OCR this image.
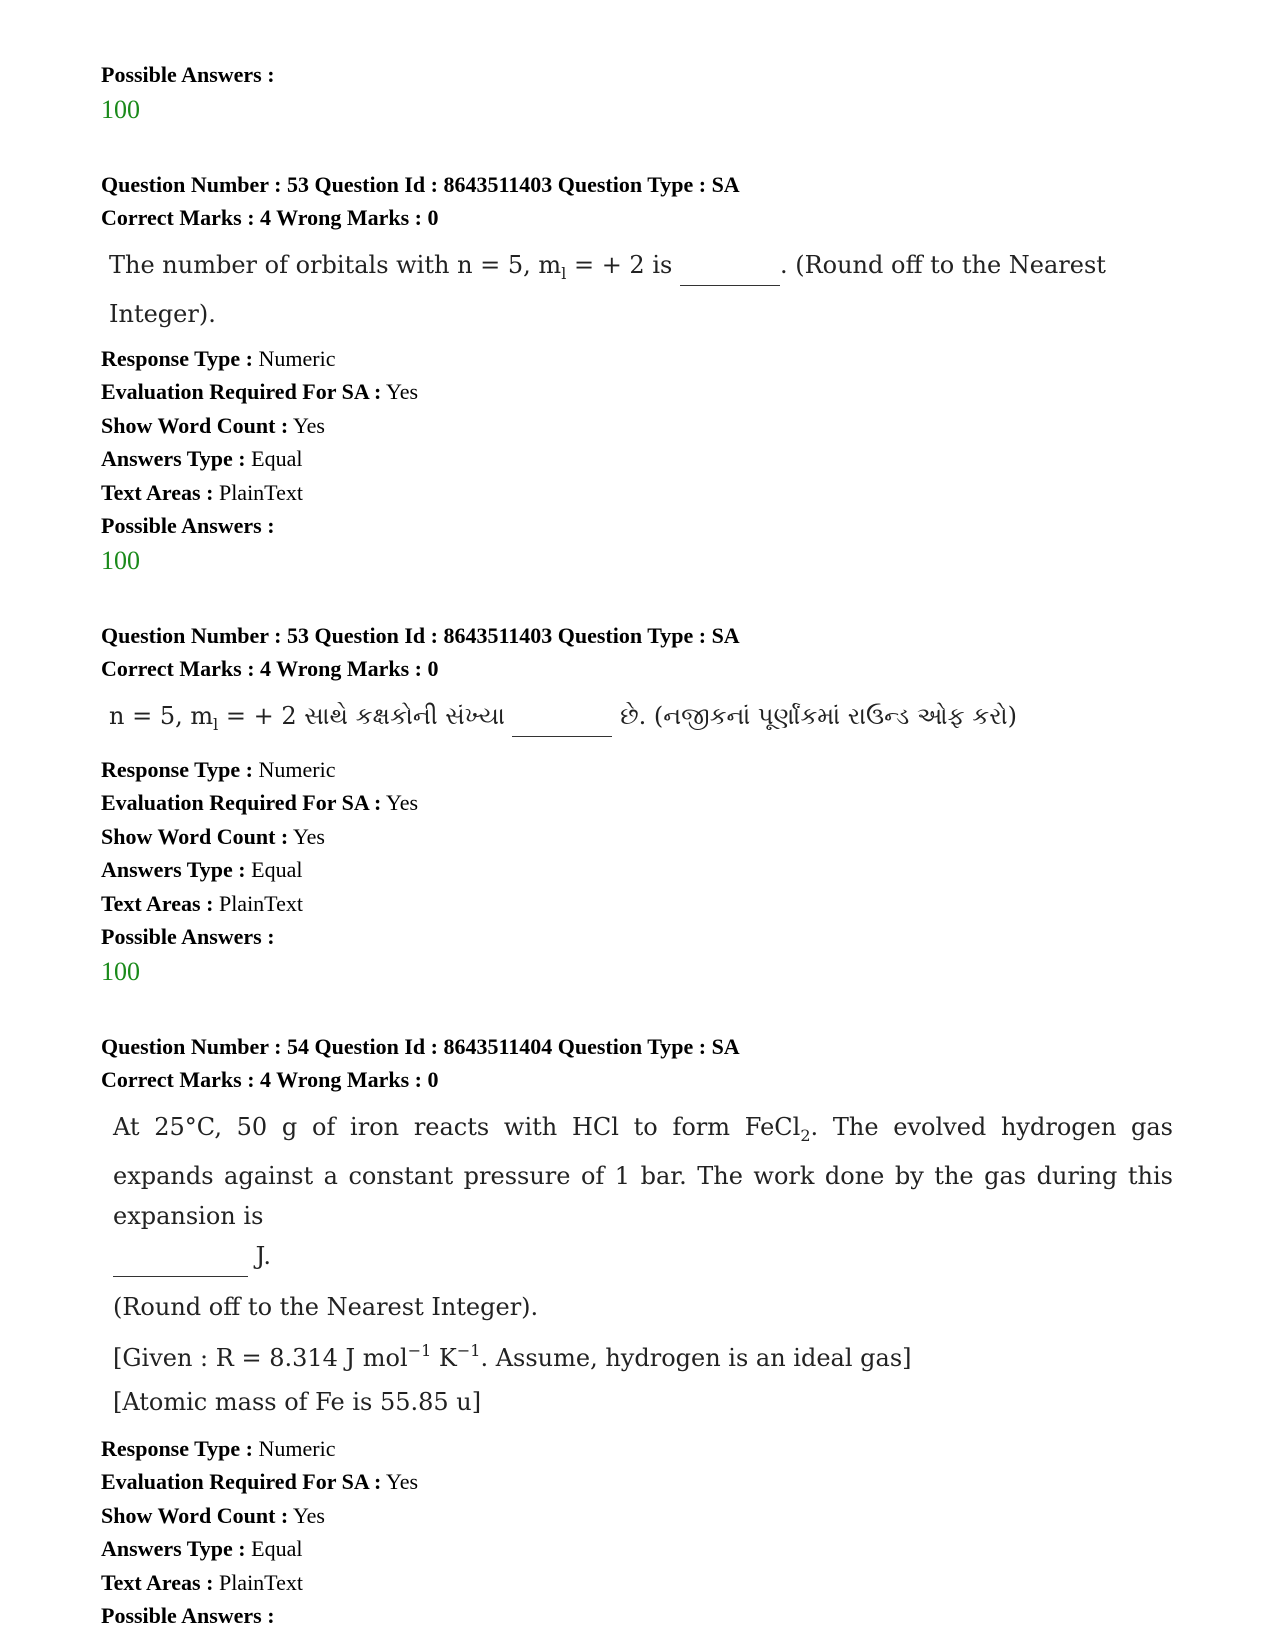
Possible Answers :
100
Question Number : 53 Question Id : 8643511403 Question Type : SA
Correct Marks : 4 Wrong Marks : 0
The number of orbitals with n = 5, $m_l$ = + 2 is	. (Round off to the Nearest Integer).
Response Type : Numeric
Evaluation Required For SA : Yes
Show Word Count : Yes
Answers Type : Equal
Text Areas : PlainText
Possible Answers :
100
Question Number : 53 Question Id : 8643511403 Question Type : SA
Correct Marks : 4 Wrong Marks : 0
n = 5, $m_l$ = + 2 સાથે કક્ષકોની સંખ્યા	છે. (નજીકનાં પૂર્ણાંકમાં રાઉન્ડ ઓફ કરો)
Response Type : Numeric
Evaluation Required For SA : Yes
Show Word Count : Yes
Answers Type : Equal
Text Areas : PlainText
Possible Answers :
100
Question Number : 54 Question Id : 8643511404 Question Type : SA
Correct Marks : 4 Wrong Marks : 0
At 25°C, 50 g of iron reacts with HCl to form FeCl$_2$. The evolved hydrogen gas expands against a constant pressure of 1 bar. The work done by the gas during this expansion is
J.
(Round off to the Nearest Integer).
[Given : R = 8.314 J mol$^{-1}$ $K^{-1}$. Assume, hydrogen is an ideal gas]
[Atomic mass of Fe is 55.85 u]
Response Type : Numeric
Evaluation Required For SA : Yes
Show Word Count : Yes
Answers Type : Equal
Text Areas : PlainText
Possible Answers :
